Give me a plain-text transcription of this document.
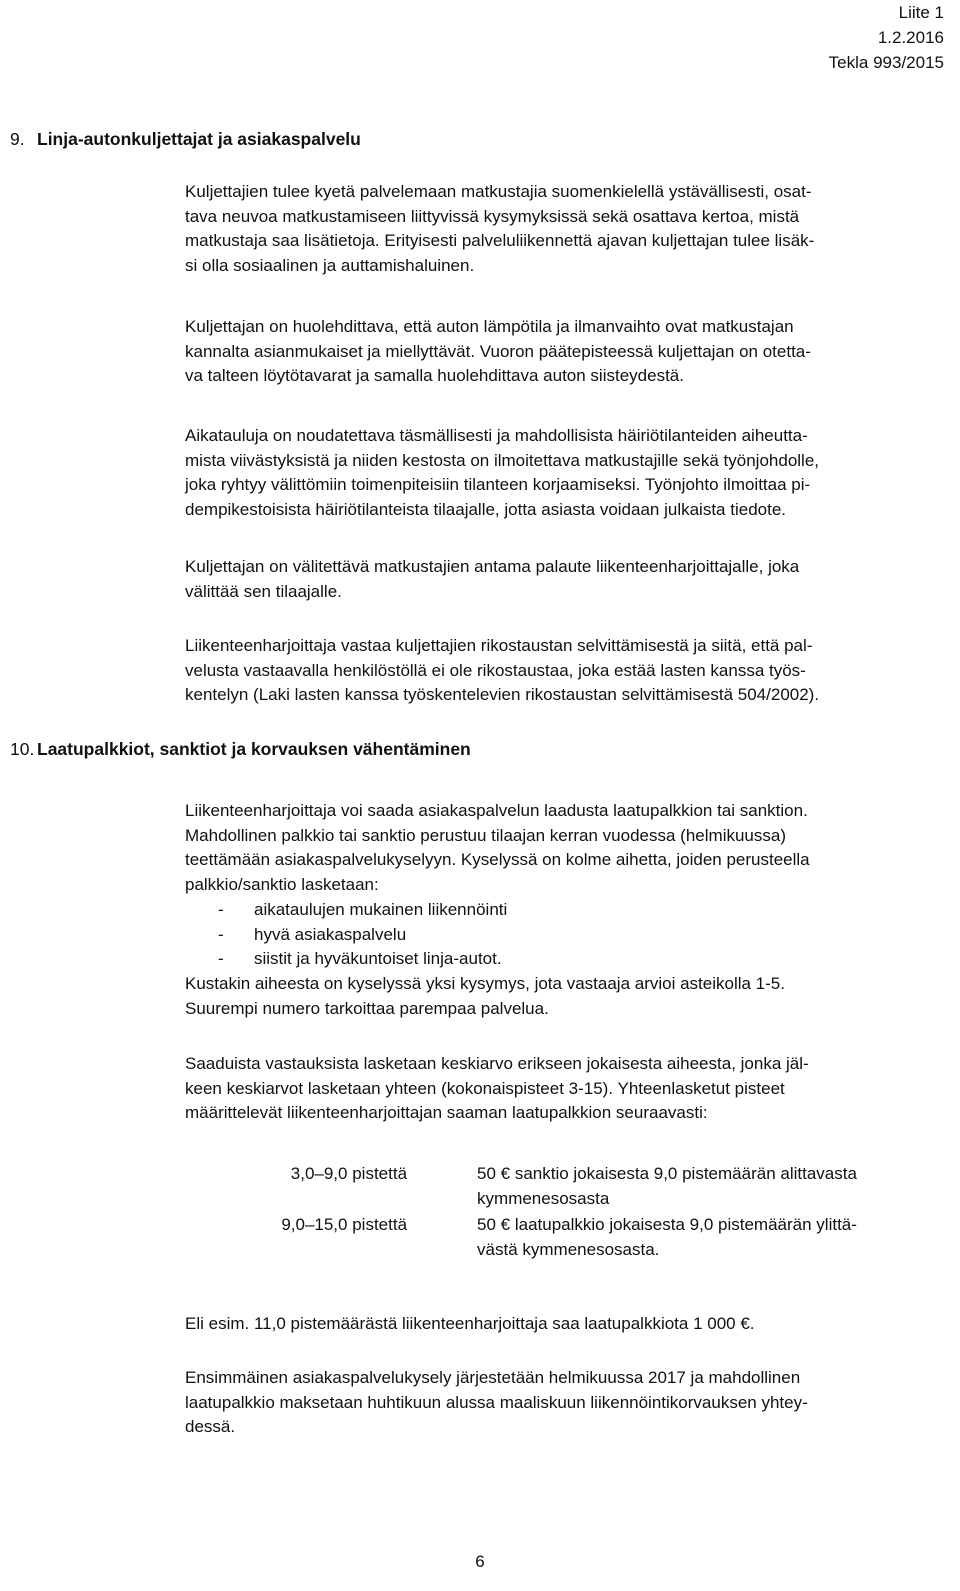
Liite 1
1.2.2016
Tekla 993/2015
9. Linja-autonkuljettajat ja asiakaspalvelu
Kuljettajien tulee kyetä palvelemaan matkustajia suomenkielellä ystävällisesti, osat-
tava neuvoa matkustamiseen liittyvissä kysymyksissä sekä osattava kertoa, mistä
matkustaja saa lisätietoja. Erityisesti palveluliikennettä ajavan kuljettajan tulee lisäk-
si olla sosiaalinen ja auttamishaluinen.
Kuljettajan on huolehdittava, että auton lämpötila ja ilmanvaihto ovat matkustajan
kannalta asianmukaiset ja miellyttävät. Vuoron päätepisteessä kuljettajan on otetta-
va talteen löytötavarat ja samalla huolehdittava auton siisteydestä.
Aikatauluja on noudatettava täsmällisesti ja mahdollisista häiriötilanteiden aiheutta-
mista viivästyksistä ja niiden kestosta on ilmoitettava matkustajille sekä työnjohdolle,
joka ryhtyy välittömiin toimenpiteisiin tilanteen korjaamiseksi. Työnjohto ilmoittaa pi-
dempikestoisista häiriötilanteista tilaajalle, jotta asiasta voidaan julkaista tiedote.
Kuljettajan on välitettävä matkustajien antama palaute liikenteenharjoittajalle, joka
välittää sen tilaajalle.
Liikenteenharjoittaja vastaa kuljettajien rikostaustan selvittämisestä ja siitä, että pal-
velusta vastaavalla henkilöstöllä ei ole rikostaustaa, joka estää lasten kanssa työs-
kentelyn (Laki lasten kanssa työskentelevien rikostaustan selvittämisestä 504/2002).
10. Laatupalkkiot, sanktiot ja korvauksen vähentäminen
Liikenteenharjoittaja voi saada asiakaspalvelun laadusta laatupalkkion tai sanktion.
Mahdollinen palkkio tai sanktio perustuu tilaajan kerran vuodessa (helmikuussa)
teettämään asiakaspalvelukyselyyn. Kyselyssä on kolme aihetta, joiden perusteella
palkkio/sanktio lasketaan:
- aikataulujen mukainen liikennöinti
- hyvä asiakaspalvelu
- siistit ja hyväkuntoiset linja-autot.
Kustakin aiheesta on kyselyssä yksi kysymys, jota vastaaja arvioi asteikolla 1-5.
Suurempi numero tarkoittaa parempaa palvelua.
Saaduista vastauksista lasketaan keskiarvo erikseen jokaisesta aiheesta, jonka jäl-
keen keskiarvot lasketaan yhteen (kokonaispisteet 3-15). Yhteenlasketut pisteet
määrittelevät liikenteenharjoittajan saaman laatupalkkion seuraavasti:
3,0–9,0 pistettä	50 € sanktio jokaisesta 9,0 pistemäärän alittavasta
kymmenesosasta
9,0–15,0 pistettä	50 € laatupalkkio jokaisesta 9,0 pistemäärän ylittä-
västä kymmenesosasta.
Eli esim. 11,0 pistemäärästä liikenteenharjoittaja saa laatupalkkiota 1 000 €.
Ensimmäinen asiakaspalvelukysely järjestetään helmikuussa 2017 ja mahdollinen
laatupalkkio maksetaan huhtikuun alussa maaliskuun liikennöintikorvauksen yhtey-
dessä.
6
